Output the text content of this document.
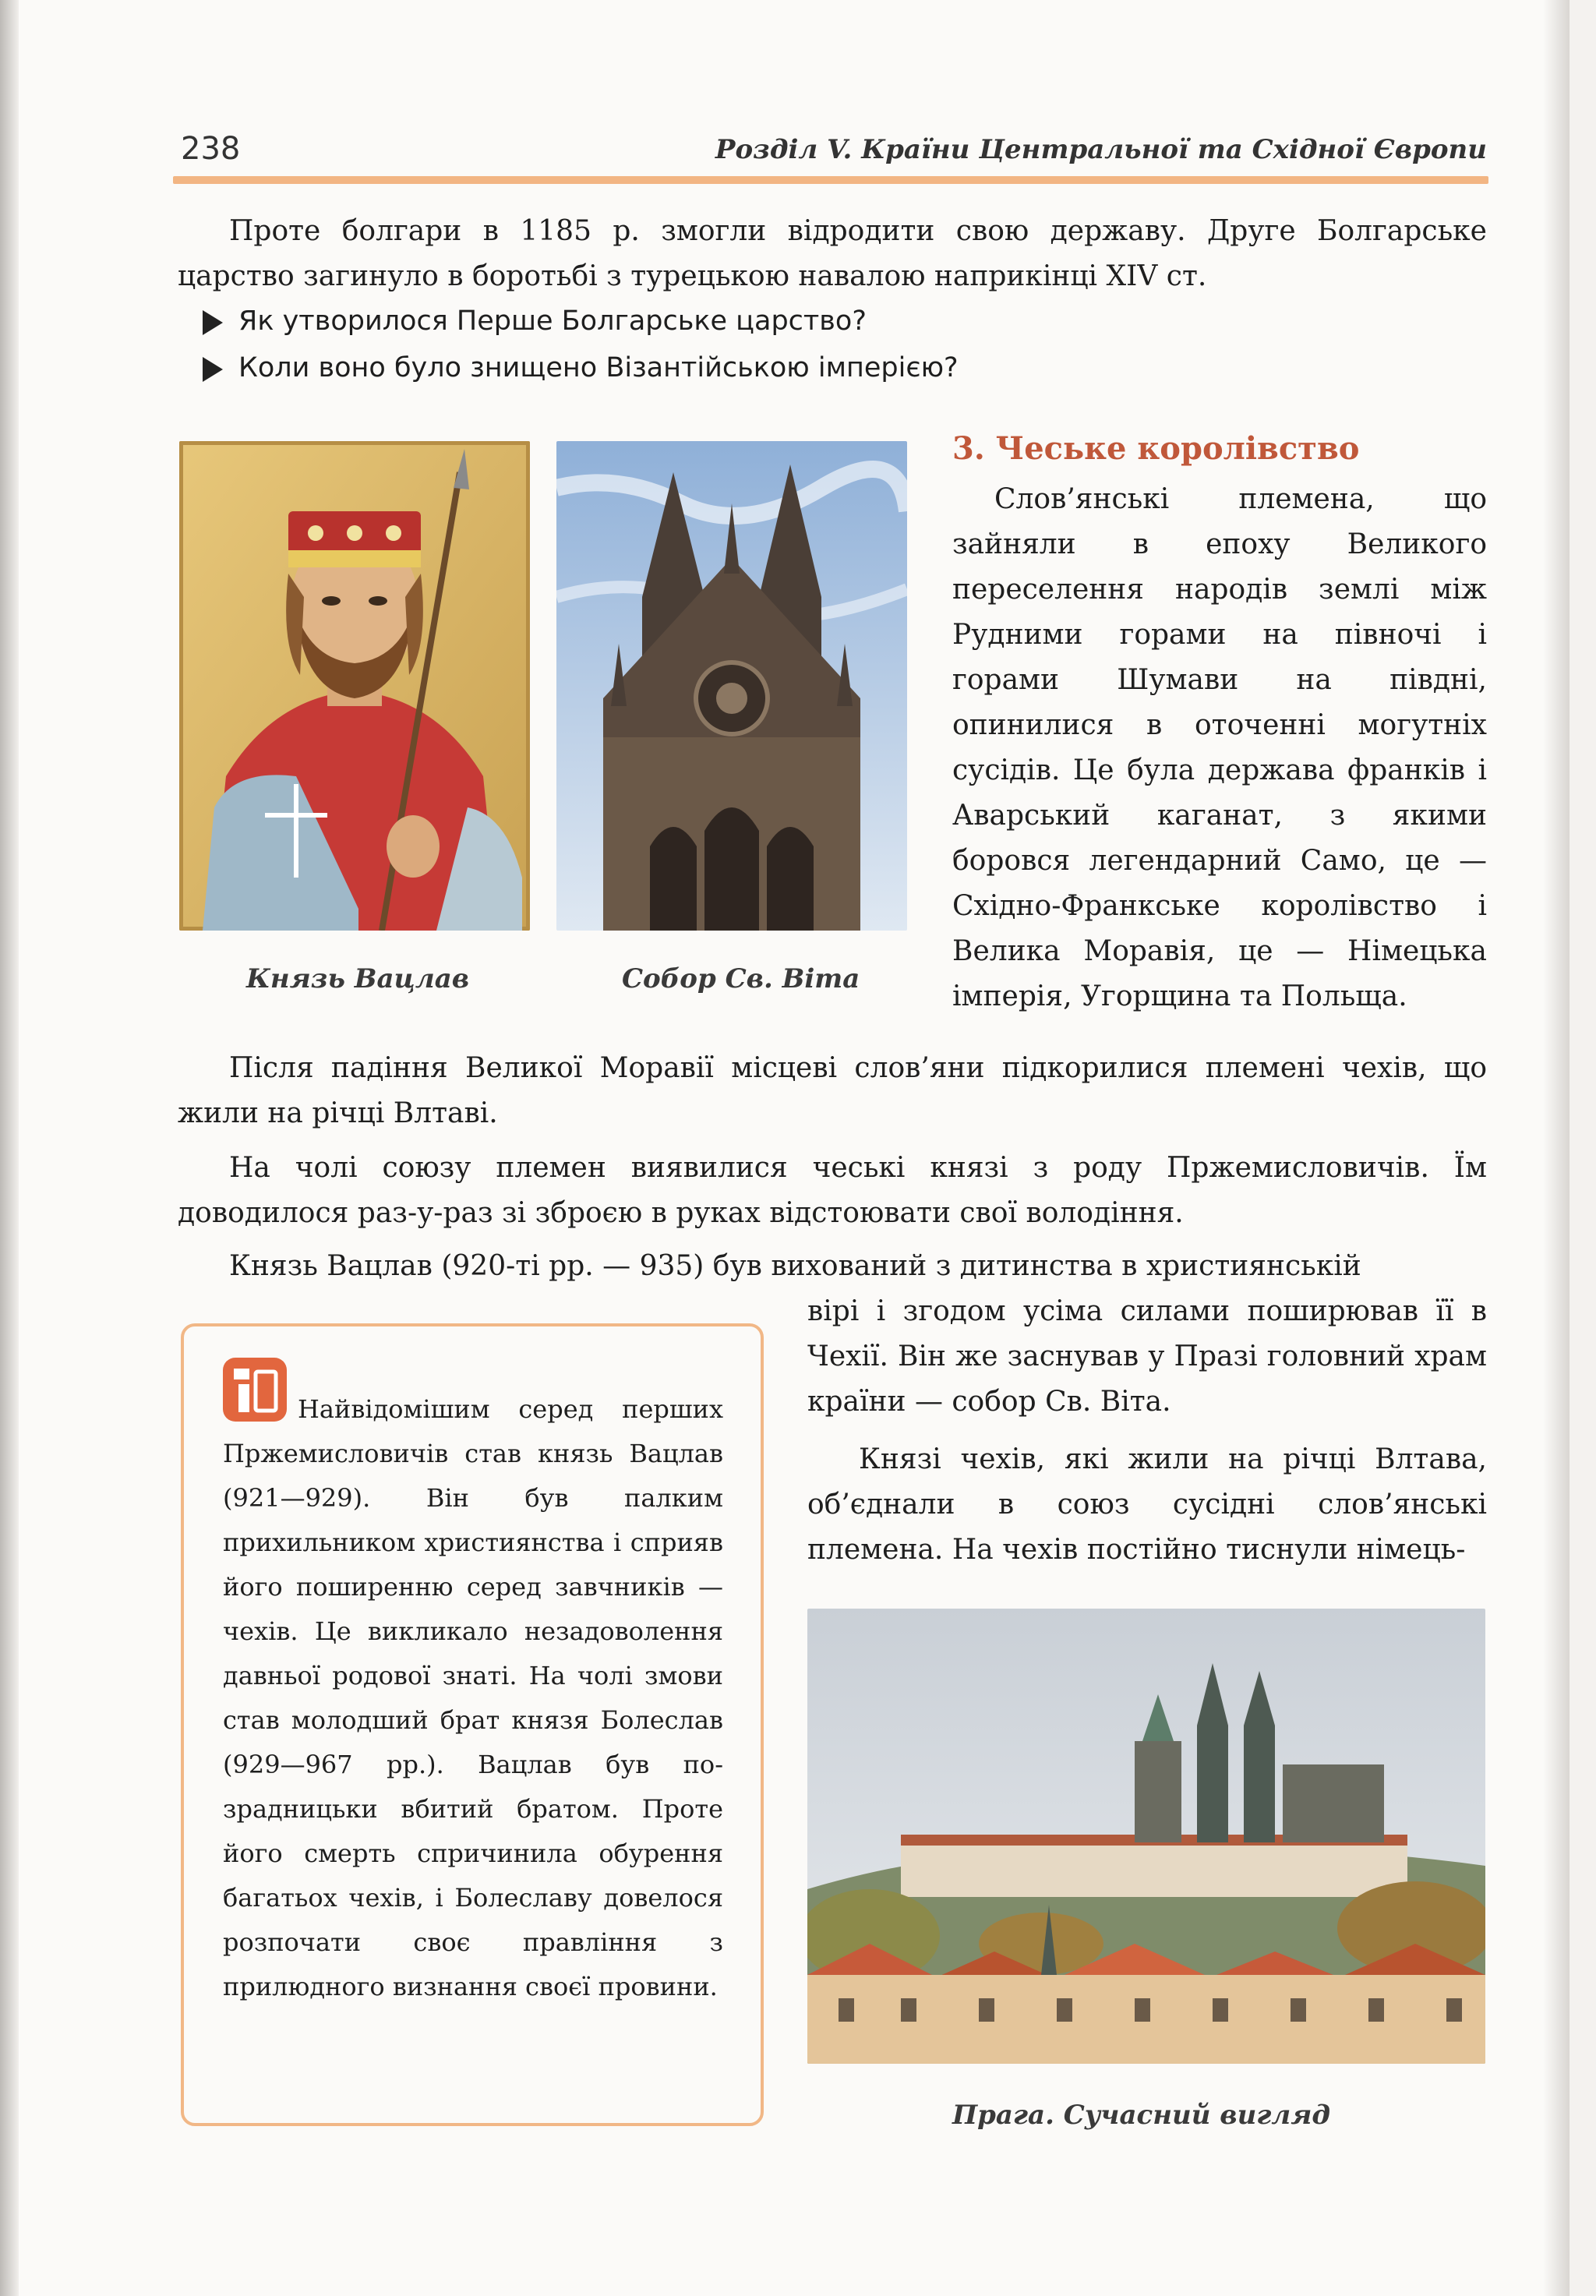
238	Розділ V. Країни Центральної та Східної Європи
Проте болгари в 1185 р. змогли відродити свою державу. Друге Болгарське царство загинуло в боротьбі з турецькою навалою наприкінці XIV ст.
Як утворилося Перше Болгарське царство?
Коли воно було знищено Візантійською імперією?
Князь Вацлав	Собор Св. Віта
3. Чеське королівство
Слов’янські племена, що зайняли в епоху Великого переселення народів землі між Рудними горами на півночі і горами Шумави на півдні, опинилися в оточенні могутніх сусідів. Це була держава франків і Аварський каганат, з якими боровся легендарний Само, це — Східно-Франкське королівство і Велика Моравія, це — Німецька імперія, Угорщина та Польща.
Після падіння Великої Моравії місцеві слов’яни підкорилися племені чехів, що жили на річці Влтаві.
На чолі союзу племен виявилися чеські князі з роду Пржемисловичів. Їм доводилося раз-у-раз зі зброєю в руках відстоювати свої володіння.
Князь Вацлав (920-ті рр. — 935) був вихований з дитинства в християнській
вірі і згодом усіма силами поширював її в Чехії. Він же заснував у Празі головний храм країни — собор Св. Віта.
Князі чехів, які жили на річці Влтава, об’єднали в союз сусідні слов’янські племена. На чехів постійно тиснули німець-
Найвідомішим серед перших Пржемисловичів став князь Вацлав (921—929). Він був палким прихильником християнства і сприяв його поширенню серед завчників — чехів. Це викликало незадоволення давньої родової знаті. На чолі змови став молодший брат князя Болеслав (929—967 рр.). Вацлав був по-зрадницьки вбитий братом. Проте його смерть спричинила обурення багатьох чехів, і Болеславу довелося розпочати своє правління з прилюдного визнання своєї провини.
Прага. Сучасний вигляд
